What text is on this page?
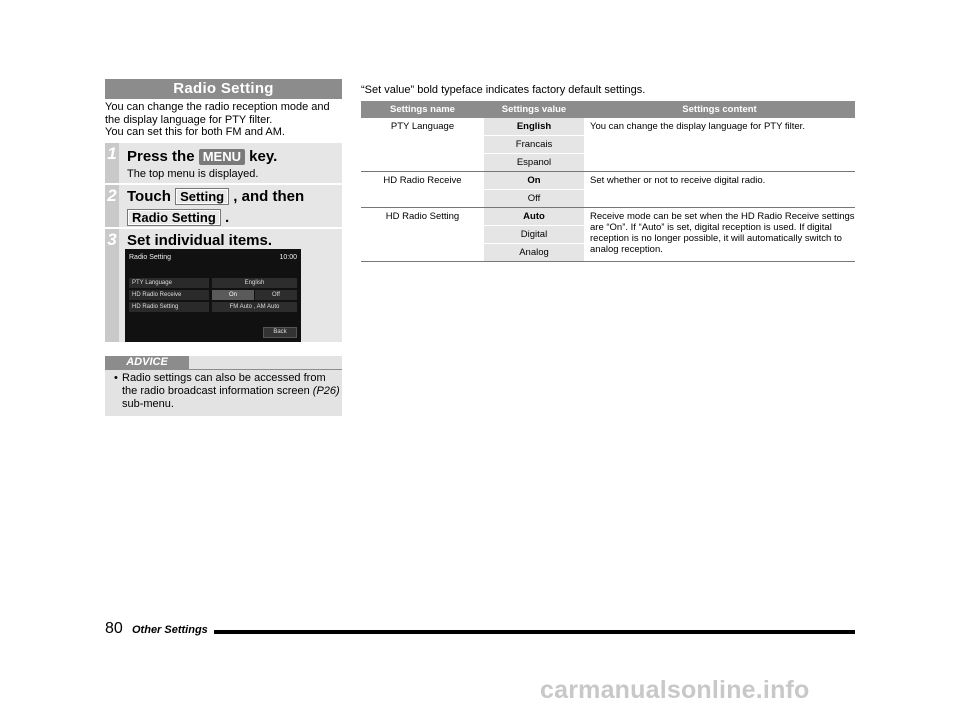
Radio Setting
You can change the radio reception mode and
the display language for PTY filter.
You can set this for both FM and AM.
1 Press the MENU key.
The top menu is displayed.
2 Touch Setting , and then
Radio Setting .
3 Set individual items.
Radio Setting	10:00
PTY Language	English
HD Radio Receive	On	Off
HD Radio Setting	FM Auto , AM Auto
Back
ADVICE
• Radio settings can also be accessed from the radio broadcast information screen (P26) sub-menu.
“Set value” bold typeface indicates factory default settings.
Settings name	Settings value	Settings content
PTY Language	English	You can change the display language for PTY filter.
	Francais	
	Espanol	
HD Radio Receive	On	Set whether or not to receive digital radio.
	Off	
HD Radio Setting	Auto	Receive mode can be set when the HD Radio Receive settings are “On”. If “Auto” is set, digital reception is used. If digital reception is no longer possible, it will automatically switch to analog reception.
	Digital	
	Analog	
80 Other Settings
carmanualsonline.info
